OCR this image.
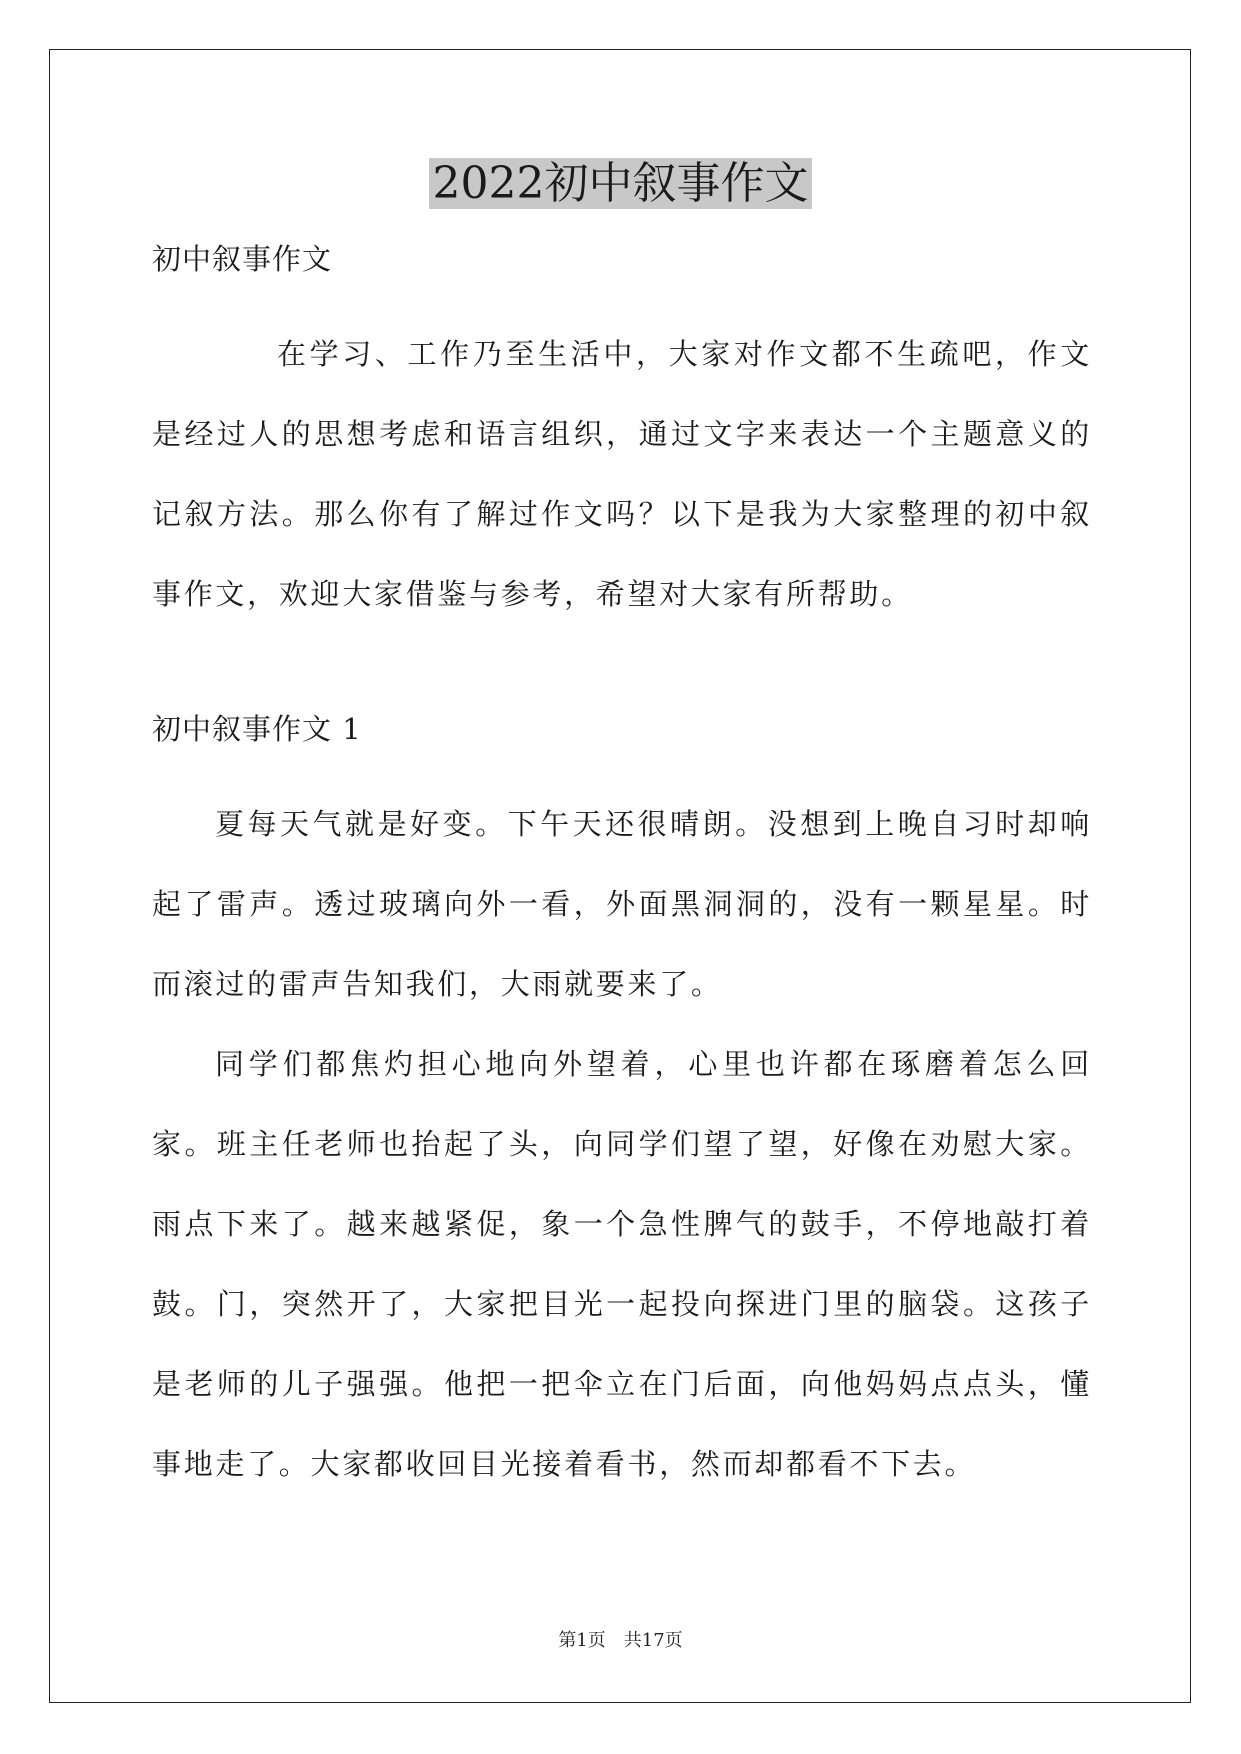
2022初中叙事作文

初中叙事作文

在学习、工作乃至生活中，大家对作文都不生疏吧，作文是经过人的思想考虑和语言组织，通过文字来表达一个主题意义的记叙方法。那么你有了解过作文吗？以下是我为大家整理的初中叙事作文，欢迎大家借鉴与参考，希望对大家有所帮助。

初中叙事作文 1

夏每天气就是好变。下午天还很晴朗。没想到上晚自习时却响起了雷声。透过玻璃向外一看，外面黑洞洞的，没有一颗星星。时而滚过的雷声告知我们，大雨就要来了。

同学们都焦灼担心地向外望着，心里也许都在琢磨着怎么回家。班主任老师也抬起了头，向同学们望了望，好像在劝慰大家。雨点下来了。越来越紧促，象一个急性脾气的鼓手，不停地敲打着鼓。门，突然开了，大家把目光一起投向探进门里的脑袋。这孩子是老师的儿子强强。他把一把伞立在门后面，向他妈妈点点头，懂事地走了。大家都收回目光接着看书，然而却都看不下去。

第1页 共17页
